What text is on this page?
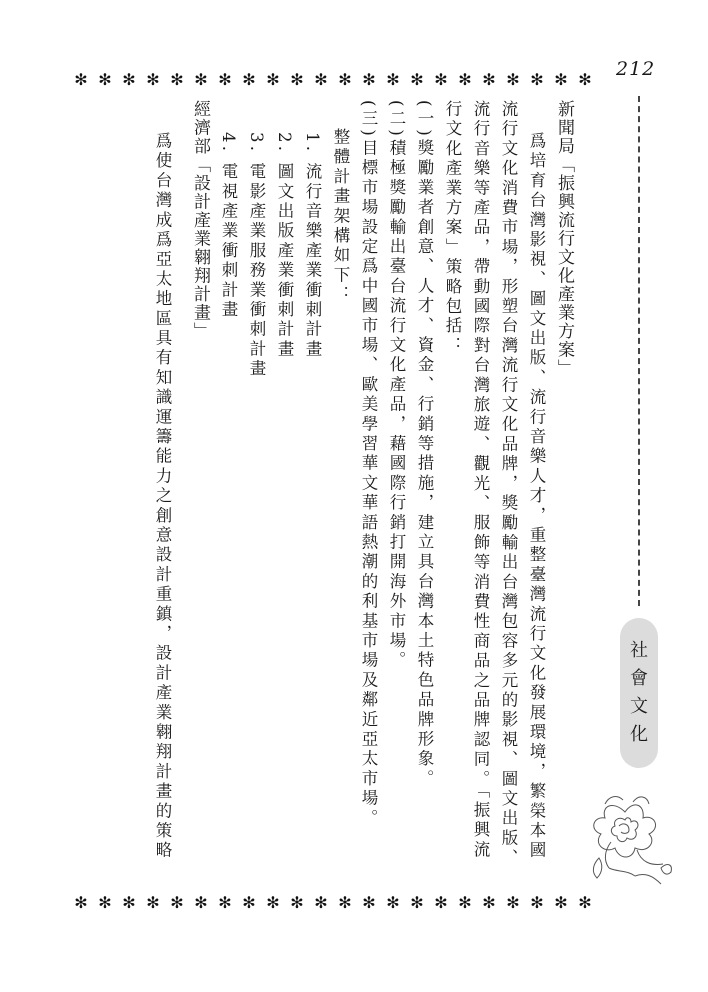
212
✻ ✻ ✻ ✻ ✻ ✻ ✻ ✻ ✻ ✻ ✻ ✻ ✻ ✻ ✻ ✻ ✻ ✻ ✻ ✻ ✻ ✻
✻ ✻ ✻ ✻ ✻ ✻ ✻ ✻ ✻ ✻ ✻ ✻ ✻ ✻ ✻ ✻ ✻ ✻ ✻ ✻ ✻ ✻
社
會
文
化

新聞局「振興流行文化產業方案」

爲培育台灣影視、圖文出版、流行音樂人才，重整臺灣流行文化發展環境，繁榮本國

流行文化消費市場，形塑台灣流行文化品牌，獎勵輸出台灣包容多元的影視、圖文出版、

流行音樂等產品，帶動國際對台灣旅遊、觀光、服飾等消費性商品之品牌認同。「振興流

行文化產業方案」策略包括：

(一)獎勵業者創意、人才、資金、行銷等措施，建立具台灣本土特色品牌形象。

(二)積極獎勵輸出臺台流行文化產品，藉國際行銷打開海外市場。

(三)目標市場設定爲中國市場、歐美學習華文華語熱潮的利基市場及鄰近亞太市場。

整體計畫架構如下：

1. 流行音樂產業衝刺計畫

2. 圖文出版產業衝刺計畫

3. 電影產業服務業衝刺計畫

4. 電視產業衝刺計畫

經濟部「設計產業翱翔計畫」

爲使台灣成爲亞太地區具有知識運籌能力之創意設計重鎮，設計產業翱翔計畫的策略
